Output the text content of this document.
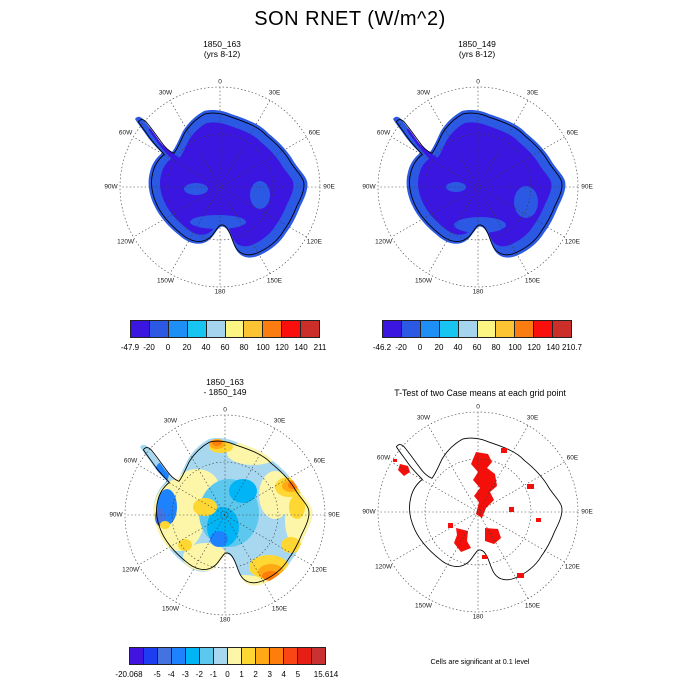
SON RNET (W/m^2)
1850_163
(yrs 8-12)
1850_149
(yrs 8-12)
1850_163
- 1850_149	T-Test of two Case means at each grid point
Cells are significant at 0.1 level
0
30E
60E
90E
120E
150E
180
150W
120W
90W
60W
30W
0
30E
60E
90E
120E
150E
180
150W
120W
90W
60W
30W
0
30E
60E
90E
120E
150E
180
150W
120W
90W
60W
30W
0
30E
60E
90E
120E
150E
180
150W
120W
90W
60W
30W
-47.9 -20 0 20 40 60 80 100 120 140 211	-46.2 -20 0 20 40 60 80 100 120 140 210.7
-20.068 -5 -4 -3 -2 -1 0 1 2 3 4 5 15.614
